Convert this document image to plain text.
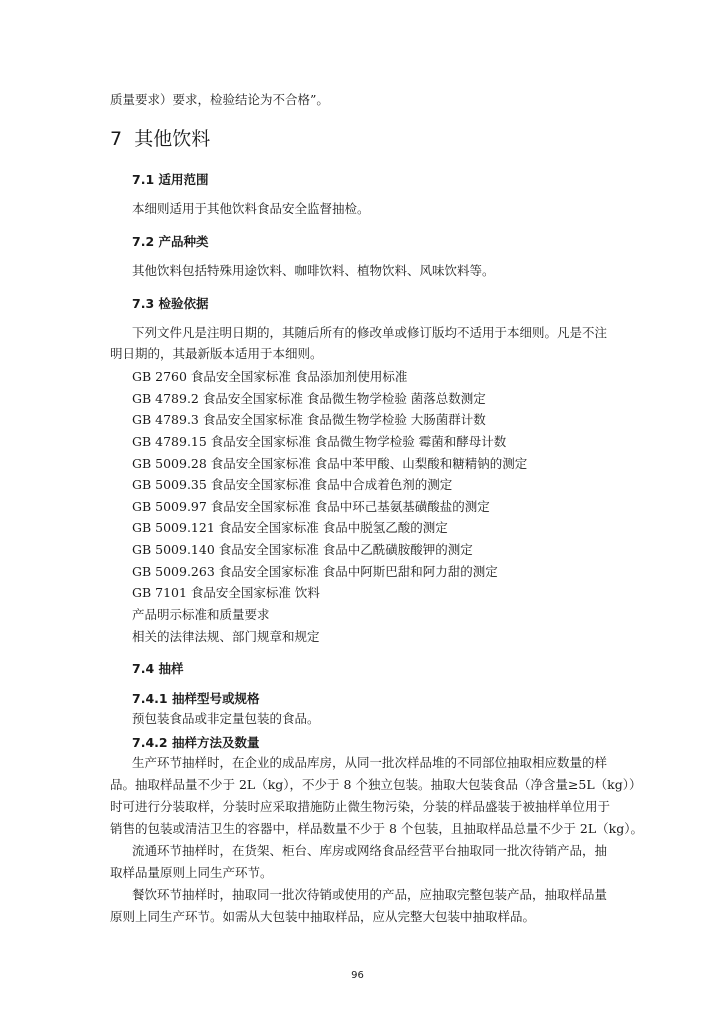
质量要求）要求，检验结论为不合格”。
7 其他饮料
7.1 适用范围
本细则适用于其他饮料食品安全监督抽检。
7.2 产品种类
其他饮料包括特殊用途饮料、咖啡饮料、植物饮料、风味饮料等。
7.3 检验依据
下列文件凡是注明日期的，其随后所有的修改单或修订版均不适用于本细则。凡是不注
明日期的，其最新版本适用于本细则。
GB 2760 食品安全国家标准 食品添加剂使用标准
GB 4789.2 食品安全国家标准 食品微生物学检验 菌落总数测定
GB 4789.3 食品安全国家标准 食品微生物学检验 大肠菌群计数
GB 4789.15 食品安全国家标准 食品微生物学检验 霉菌和酵母计数
GB 5009.28 食品安全国家标准 食品中苯甲酸、山梨酸和糖精钠的测定
GB 5009.35 食品安全国家标准 食品中合成着色剂的测定
GB 5009.97 食品安全国家标准 食品中环己基氨基磺酸盐的测定
GB 5009.121 食品安全国家标准 食品中脱氢乙酸的测定
GB 5009.140 食品安全国家标准 食品中乙酰磺胺酸钾的测定
GB 5009.263 食品安全国家标准 食品中阿斯巴甜和阿力甜的测定
GB 7101 食品安全国家标准 饮料
产品明示标准和质量要求
相关的法律法规、部门规章和规定
7.4 抽样
7.4.1 抽样型号或规格
预包装食品或非定量包装的食品。
7.4.2 抽样方法及数量
生产环节抽样时，在企业的成品库房，从同一批次样品堆的不同部位抽取相应数量的样
品。抽取样品量不少于 2L（kg），不少于 8 个独立包装。抽取大包装食品（净含量≥5L（kg））
时可进行分装取样，分装时应采取措施防止微生物污染，分装的样品盛装于被抽样单位用于
销售的包装或清洁卫生的容器中，样品数量不少于 8 个包装，且抽取样品总量不少于 2L（kg）。
流通环节抽样时，在货架、柜台、库房或网络食品经营平台抽取同一批次待销产品，抽
取样品量原则上同生产环节。
餐饮环节抽样时，抽取同一批次待销或使用的产品，应抽取完整包装产品，抽取样品量
原则上同生产环节。如需从大包装中抽取样品，应从完整大包装中抽取样品。
96
